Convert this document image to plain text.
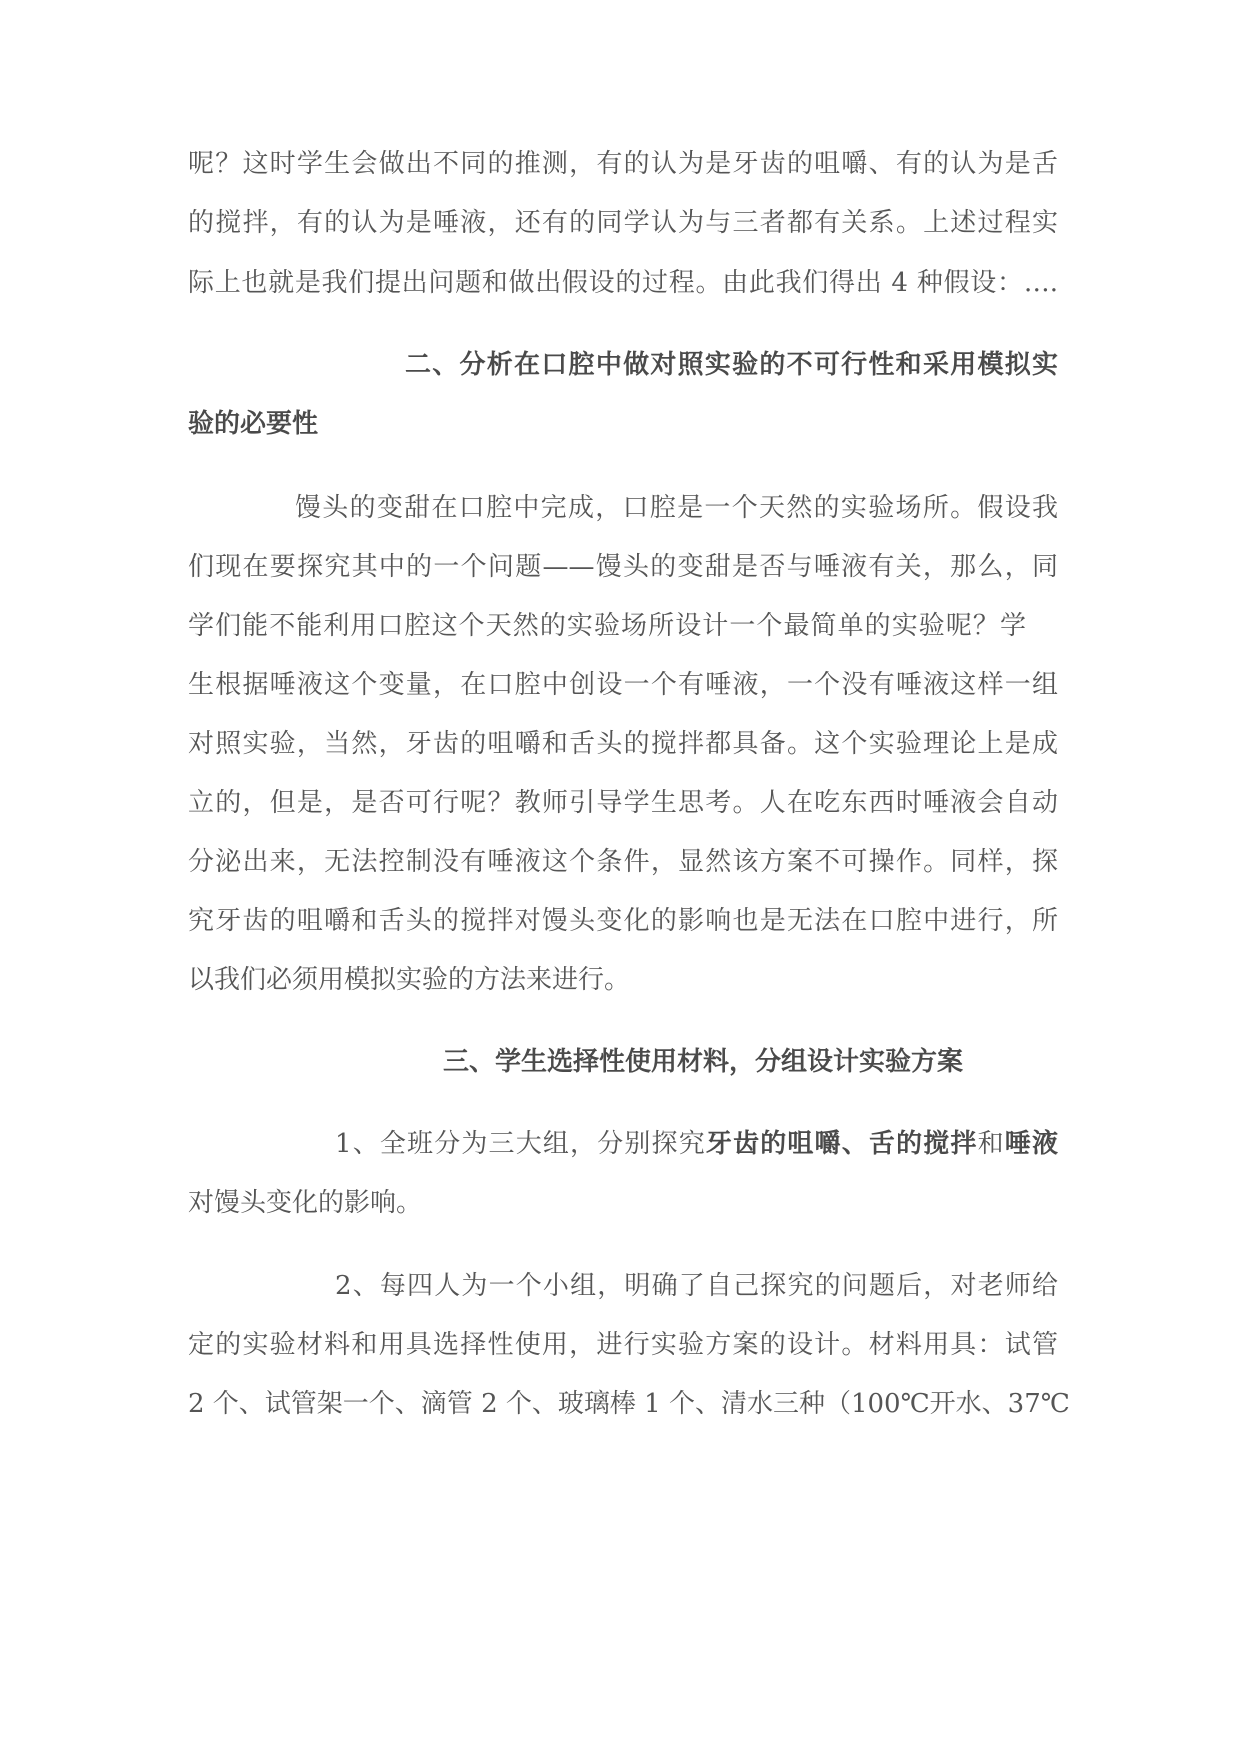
呢？这时学生会做出不同的推测，有的认为是牙齿的咀嚼、有的认为是舌
的搅拌，有的认为是唾液，还有的同学认为与三者都有关系。上述过程实
际上也就是我们提出问题和做出假设的过程。由此我们得出 4 种假设：….
二、分析在口腔中做对照实验的不可行性和采用模拟实
验的必要性
馒头的变甜在口腔中完成，口腔是一个天然的实验场所。假设我
们现在要探究其中的一个问题——馒头的变甜是否与唾液有关，那么，同
学们能不能利用口腔这个天然的实验场所设计一个最简单的实验呢？学
生根据唾液这个变量，在口腔中创设一个有唾液，一个没有唾液这样一组
对照实验，当然，牙齿的咀嚼和舌头的搅拌都具备。这个实验理论上是成
立的，但是，是否可行呢？教师引导学生思考。人在吃东西时唾液会自动
分泌出来，无法控制没有唾液这个条件，显然该方案不可操作。同样，探
究牙齿的咀嚼和舌头的搅拌对馒头变化的影响也是无法在口腔中进行，所
以我们必须用模拟实验的方法来进行。
三、学生选择性使用材料，分组设计实验方案
1、全班分为三大组，分别探究牙齿的咀嚼、舌的搅拌和唾液
对馒头变化的影响。
2、每四人为一个小组，明确了自己探究的问题后，对老师给
定的实验材料和用具选择性使用，进行实验方案的设计。材料用具：试管
2 个、试管架一个、滴管 2 个、玻璃棒 1 个、清水三种（100℃开水、37℃
